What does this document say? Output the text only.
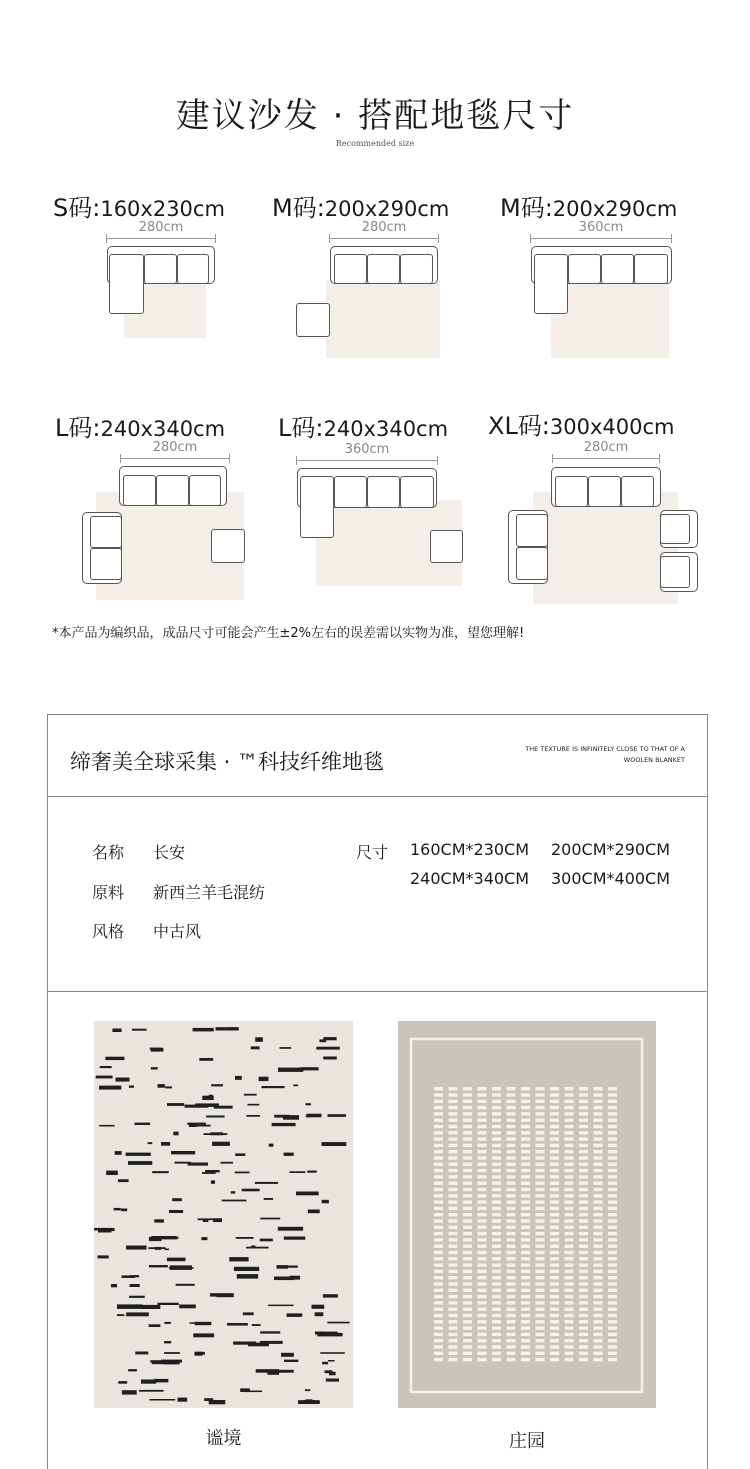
建议沙发 · 搭配地毯尺寸
Recommended size
S码:160x230cm
280cm
M码:200x290cm
280cm
M码:200x290cm
360cm
L码:240x340cm
280cm
L码:240x340cm
360cm
XL码:300x400cm
280cm
*本产品为编织品，成品尺寸可能会产生±2%左右的误差需以实物为准，望您理解!
缔奢美全球采集 · ™科技纤维地毯
THE TEXTURE IS INFINITELY CLOSE TO THAT OF A
WOOLEN BLANKET
名称 长安
原料 新西兰羊毛混纺
风格 中古风
尺寸 160CM*230CM 200CM*290CM
240CM*340CM 300CM*400CM
谧境	庄园
